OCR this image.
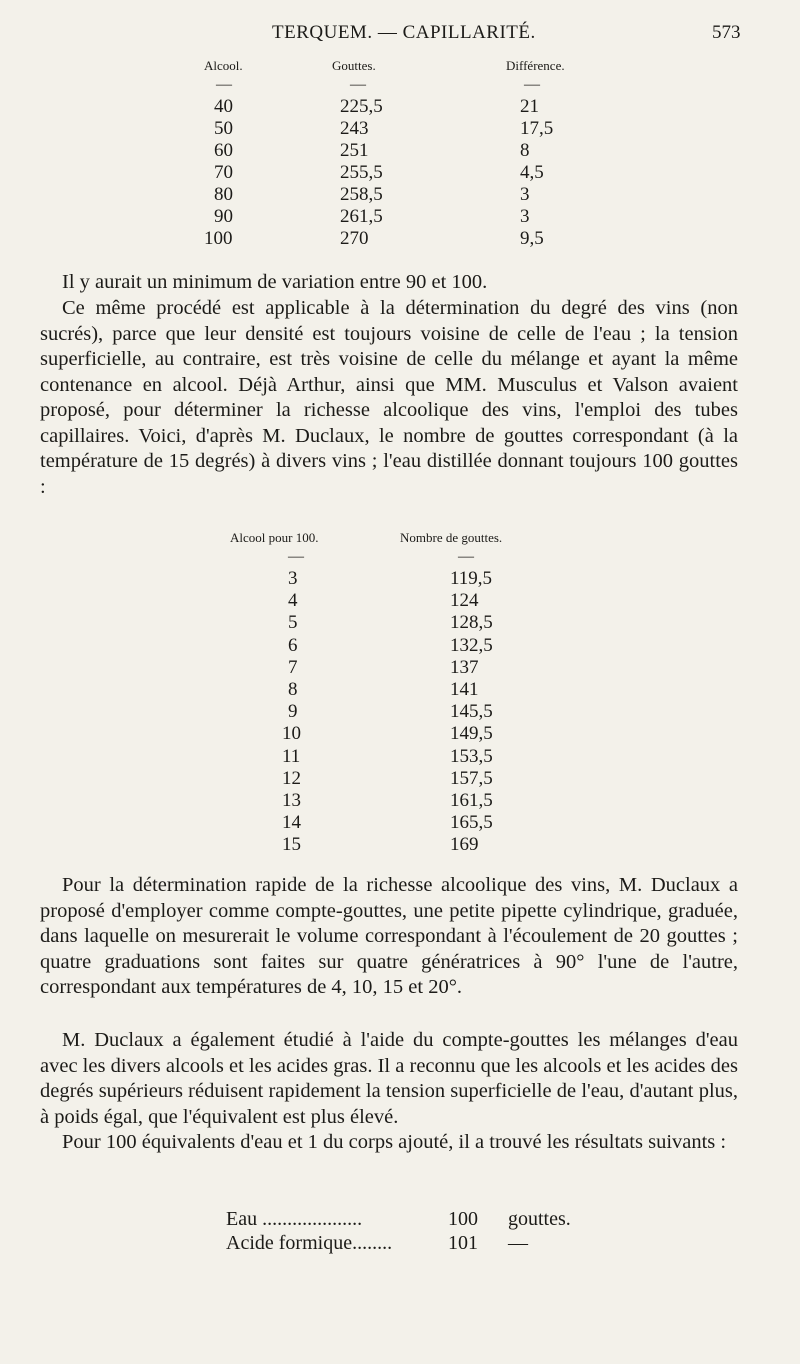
TERQUEM. — CAPILLARITÉ.	573
Alcool.	Gouttes.	Différence.
—	—	—
40	225,5	21
50	243	17,5
60	251	8
70	255,5	4,5
80	258,5	3
90	261,5	3
100	270	9,5

Il y aurait un minimum de variation entre 90 et 100.

Ce même procédé est applicable à la détermination du degré des vins (non sucrés), parce que leur densité est toujours voisine de celle de l'eau ; la tension superficielle, au contraire, est très voisine de celle du mélange et ayant la même contenance en alcool. Déjà Arthur, ainsi que MM. Musculus et Valson avaient proposé, pour déterminer la richesse alcoolique des vins, l'emploi des tubes capillaires. Voici, d'après M. Duclaux, le nombre de gouttes correspondant (à la température de 15 degrés) à divers vins ; l'eau distillée donnant toujours 100 gouttes :

Alcool pour 100.	Nombre de gouttes.
—	—
3	119,5
4	124
5	128,5
6	132,5
7	137
8	141
9	145,5
10	149,5
11	153,5
12	157,5
13	161,5
14	165,5
15	169

Pour la détermination rapide de la richesse alcoolique des vins, M. Duclaux a proposé d'employer comme compte-gouttes, une petite pipette cylindrique, graduée, dans laquelle on mesurerait le volume correspondant à l'écoulement de 20 gouttes ; quatre graduations sont faites sur quatre génératrices à 90° l'une de l'autre, correspondant aux températures de 4, 10, 15 et 20°.

M. Duclaux a également étudié à l'aide du compte-gouttes les mélanges d'eau avec les divers alcools et les acides gras. Il a reconnu que les alcools et les acides des degrés supérieurs réduisent rapidement la tension superficielle de l'eau, d'autant plus, à poids égal, que l'équivalent est plus élevé.

Pour 100 équivalents d'eau et 1 du corps ajouté, il a trouvé les résultats suivants :

Eau ....................	100 gouttes.
Acide formique........	101 —
